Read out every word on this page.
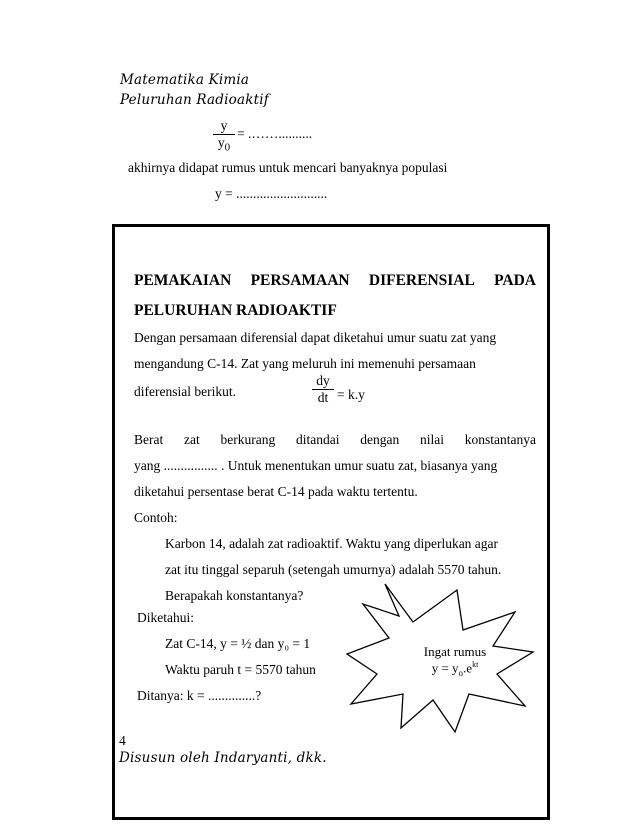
Matematika Kimia
Peluruhan Radioaktif
y
$y_0$
= .……..........
akhirnya didapat rumus untuk mencari banyaknya populasi
y = ...........................
PEMAKAIAN PERSAMAAN DIFERENSIAL PADA
PELURUHAN RADIOAKTIF
Dengan persamaan diferensial dapat diketahui umur suatu zat yang
mengandung C-14. Zat yang meluruh ini memenuhi persamaan
diferensial berikut.
dy
dt = k.y
Berat zat berkurang ditandai dengan nilai konstantanya
yang ................ . Untuk menentukan umur suatu zat, biasanya yang
diketahui persentase berat C-14 pada waktu tertentu.
Contoh:
Karbon 14, adalah zat radioaktif. Waktu yang diperlukan agar
zat itu tinggal separuh (setengah umurnya) adalah 5570 tahun.
Berapakah konstantanya?
Diketahui:
Zat C-14, y = ½ dan y₀ = 1
Waktu paruh t = 5570 tahun
Ditanya: k = ..............?
Ingat rumus
$y = y_o.e^{kt}$
4
Disusun oleh Indaryanti, dkk.
